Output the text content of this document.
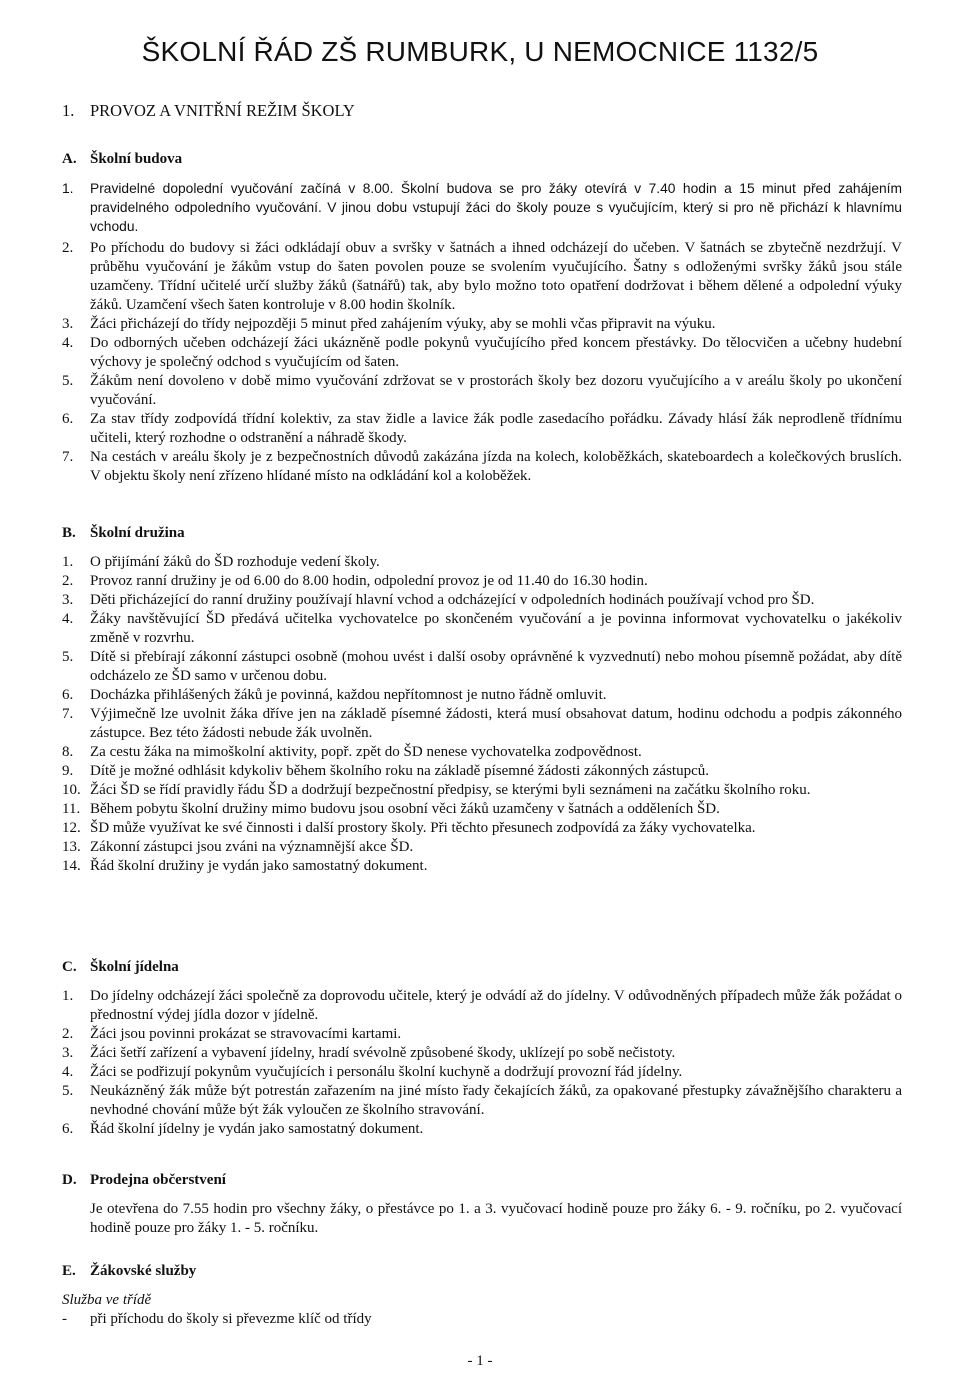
ŠKOLNÍ ŘÁD ZŠ RUMBURK, U NEMOCNICE 1132/5
1. PROVOZ A VNITŘNÍ REŽIM ŠKOLY
A. Školní budova
1.	Pravidelné dopolední vyučování začíná v 8.00. Školní budova se pro žáky otevírá v 7.40 hodin a 15 minut před zahájením pravidelného odpoledního vyučování. V jinou dobu vstupují žáci do školy pouze s vyučujícím, který si pro ně přichází k hlavnímu vchodu.
2.	Po příchodu do budovy si žáci odkládají obuv a svršky v šatnách a ihned odcházejí do učeben. V šatnách se zbytečně nezdržují. V průběhu vyučování je žákům vstup do šaten povolen pouze se svolením vyučujícího. Šatny s odloženými svršky žáků jsou stále uzamčeny. Třídní učitelé určí služby žáků (šatnářů) tak, aby bylo možno toto opatření dodržovat i během dělené a odpolední výuky žáků. Uzamčení všech šaten kontroluje v 8.00 hodin školník.
3.	Žáci přicházejí do třídy nejpozději 5 minut před zahájením výuky, aby se mohli včas připravit na výuku.
4.	Do odborných učeben odcházejí žáci ukázněně podle pokynů vyučujícího před koncem přestávky. Do tělocvičen a učebny hudební výchovy je společný odchod s vyučujícím od šaten.
5.	Žákům není dovoleno v době mimo vyučování zdržovat se v prostorách školy bez dozoru vyučujícího a v areálu školy po ukončení vyučování.
6.	Za stav třídy zodpovídá třídní kolektiv, za stav židle a lavice žák podle zasedacího pořádku. Závady hlásí žák neprodleně třídnímu učiteli, který rozhodne o odstranění a náhradě škody.
7.	Na cestách v areálu školy je z bezpečnostních důvodů zakázána jízda na kolech, koloběžkách, skateboardech a kolečkových bruslích. V objektu školy není zřízeno hlídané místo na odkládání kol a koloběžek.
B. Školní družina
1.	O přijímání žáků do ŠD rozhoduje vedení školy.
2.	Provoz ranní družiny je od 6.00 do 8.00 hodin, odpolední provoz je od 11.40 do 16.30 hodin.
3.	Děti přicházející do ranní družiny používají hlavní vchod a odcházející v odpoledních hodinách používají vchod pro ŠD.
4.	Žáky navštěvující ŠD předává učitelka vychovatelce po skončeném vyučování a je povinna informovat vychovatelku o jakékoliv změně v rozvrhu.
5.	Dítě si přebírají zákonní zástupci osobně (mohou uvést i další osoby oprávněné k vyzvednutí) nebo mohou písemně požádat, aby dítě odcházelo ze ŠD samo v určenou dobu.
6.	Docházka přihlášených žáků je povinná, každou nepřítomnost je nutno řádně omluvit.
7.	Výjimečně lze uvolnit žáka dříve jen na základě písemné žádosti, která musí obsahovat datum, hodinu odchodu a podpis zákonného zástupce. Bez této žádosti nebude žák uvolněn.
8.	Za cestu žáka na mimoškolní aktivity, popř. zpět do ŠD nenese vychovatelka zodpovědnost.
9.	Dítě je možné odhlásit kdykoliv během školního roku na základě písemné žádosti zákonných zástupců.
10. Žáci ŠD se řídí pravidly řádu ŠD a dodržují bezpečnostní předpisy, se kterými byli seznámeni na začátku školního roku.
11. Během pobytu školní družiny mimo budovu jsou osobní věci žáků uzamčeny v šatnách a odděleních ŠD.
12. ŠD může využívat ke své činnosti i další prostory školy. Při těchto přesunech zodpovídá za žáky vychovatelka.
13. Zákonní zástupci jsou zváni na významnější akce ŠD.
14. Řád školní družiny je vydán jako samostatný dokument.
C. Školní jídelna
1.	Do jídelny odcházejí žáci společně za doprovodu učitele, který je odvádí až do jídelny. V odůvodněných případech může žák požádat o přednostní výdej jídla dozor v jídelně.
2.	Žáci jsou povinni prokázat se stravovacími kartami.
3.	Žáci šetří zařízení a vybavení jídelny, hradí svévolně způsobené škody, uklízejí po sobě nečistoty.
4.	Žáci se podřizují pokynům vyučujících i personálu školní kuchyně a dodržují provozní řád jídelny.
5.	Neukázněný žák může být potrestán zařazením na jiné místo řady čekajících žáků, za opakované přestupky závažnějšího charakteru a nevhodné chování může být žák vyloučen ze školního stravování.
6.	Řád školní jídelny je vydán jako samostatný dokument.
D. Prodejna občerstvení
Je otevřena do 7.55 hodin pro všechny žáky, o přestávce po 1. a 3. vyučovací hodině pouze pro žáky 6. - 9. ročníku, po 2. vyučovací hodině pouze pro žáky 1. - 5. ročníku.
E. Žákovské služby
Služba ve třídě
-	při příchodu do školy si převezme klíč od třídy
- 1 -
